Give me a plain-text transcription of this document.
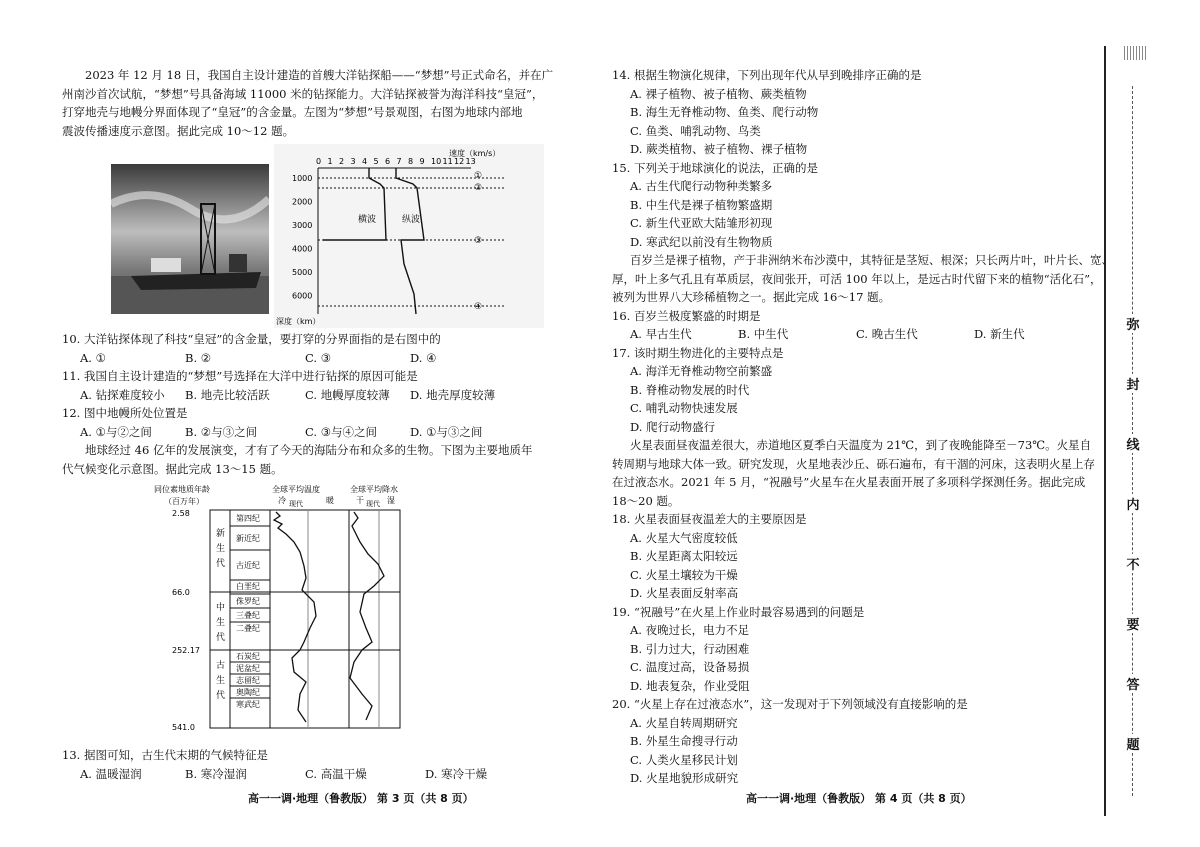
2023 年 12 月 18 日，我国自主设计建造的首艘大洋钻探船——“梦想”号正式命名，并在广
州南沙首次试航，“梦想”号具备海域 11000 米的钻探能力。大洋钻探被誉为海洋科技“皇冠”，
打穿地壳与地幔分界面体现了“皇冠”的含金量。左图为“梦想”号景观图，右图为地球内部地
震波传播速度示意图。据此完成 10～12 题。
速度（km/s）
0 1 2 3 4 5 6 7 8 9 10 11 12 13
1000
2000
3000
4000
5000
6000
横波	纵波
①
②
③
④
深度（km）
10. 大洋钻探体现了科技“皇冠”的含金量，要打穿的分界面指的是右图中的
A. ①	B. ②	C. ③	D. ④
11. 我国自主设计建造的“梦想”号选择在大洋中进行钻探的原因可能是
A. 钻探难度较小	B. 地壳比较活跃	C. 地幔厚度较薄	D. 地壳厚度较薄
12. 图中地幔所处位置是
A. ①与②之间	B. ②与③之间	C. ③与④之间	D. ①与③之间
地球经过 46 亿年的发展演变，才有了今天的海陆分布和众多的生物。下图为主要地质年
代气候变化示意图。据此完成 13～15 题。
同位素地质年龄
（百万年）
全球平均温度
冷 现代	暖
全球平均降水
干 现代 湿
第四纪
新近纪
古近纪
白垩纪
侏罗纪
三叠纪
二叠纪
石炭纪
泥盆纪
志留纪
奥陶纪
寒武纪
新
生
代
中
生
代
古
生
代
2.58
66.0
252.17
541.0
13. 据图可知，古生代末期的气候特征是
A. 温暖湿润	B. 寒冷湿润	C. 高温干燥	D. 寒冷干燥
14. 根据生物演化规律，下列出现年代从早到晚排序正确的是
A. 裸子植物、被子植物、蕨类植物
B. 海生无脊椎动物、鱼类、爬行动物
C. 鱼类、哺乳动物、鸟类
D. 蕨类植物、被子植物、裸子植物
15. 下列关于地球演化的说法，正确的是
A. 古生代爬行动物种类繁多
B. 中生代是裸子植物繁盛期
C. 新生代亚欧大陆雏形初现
D. 寒武纪以前没有生物物质
百岁兰是裸子植物，产于非洲纳米布沙漠中，其特征是茎短、根深；只长两片叶，叶片长、宽、
厚，叶上多气孔且有革质层，夜间张开，可活 100 年以上，是远古时代留下来的植物“活化石”，
被列为世界八大珍稀植物之一。据此完成 16～17 题。
16. 百岁兰极度繁盛的时期是
A. 早古生代	B. 中生代	C. 晚古生代	D. 新生代
17. 该时期生物进化的主要特点是
A. 海洋无脊椎动物空前繁盛
B. 脊椎动物发展的时代
C. 哺乳动物快速发展
D. 爬行动物盛行
火星表面昼夜温差很大，赤道地区夏季白天温度为 21℃，到了夜晚能降至－73℃。火星自
转周期与地球大体一致。研究发现，火星地表沙丘、砾石遍布，有干涸的河床，这表明火星上存
在过液态水。2021 年 5 月，“祝融号”火星车在火星表面开展了多项科学探测任务。据此完成
18～20 题。
18. 火星表面昼夜温差大的主要原因是
A. 火星大气密度较低
B. 火星距离太阳较远
C. 火星土壤较为干燥
D. 火星表面反射率高
19. “祝融号”在火星上作业时最容易遇到的问题是
A. 夜晚过长，电力不足
B. 引力过大，行动困难
C. 温度过高，设备易损
D. 地表复杂，作业受阻
20. “火星上存在过液态水”，这一发现对于下列领域没有直接影响的是
A. 火星自转周期研究
B. 外星生命搜寻行动
C. 人类火星移民计划
D. 火星地貌形成研究
高一一调·地理（鲁教版） 第 3 页（共 8 页）	高一一调·地理（鲁教版） 第 4 页（共 8 页）
弥
封
线
内
不
要
答
题
